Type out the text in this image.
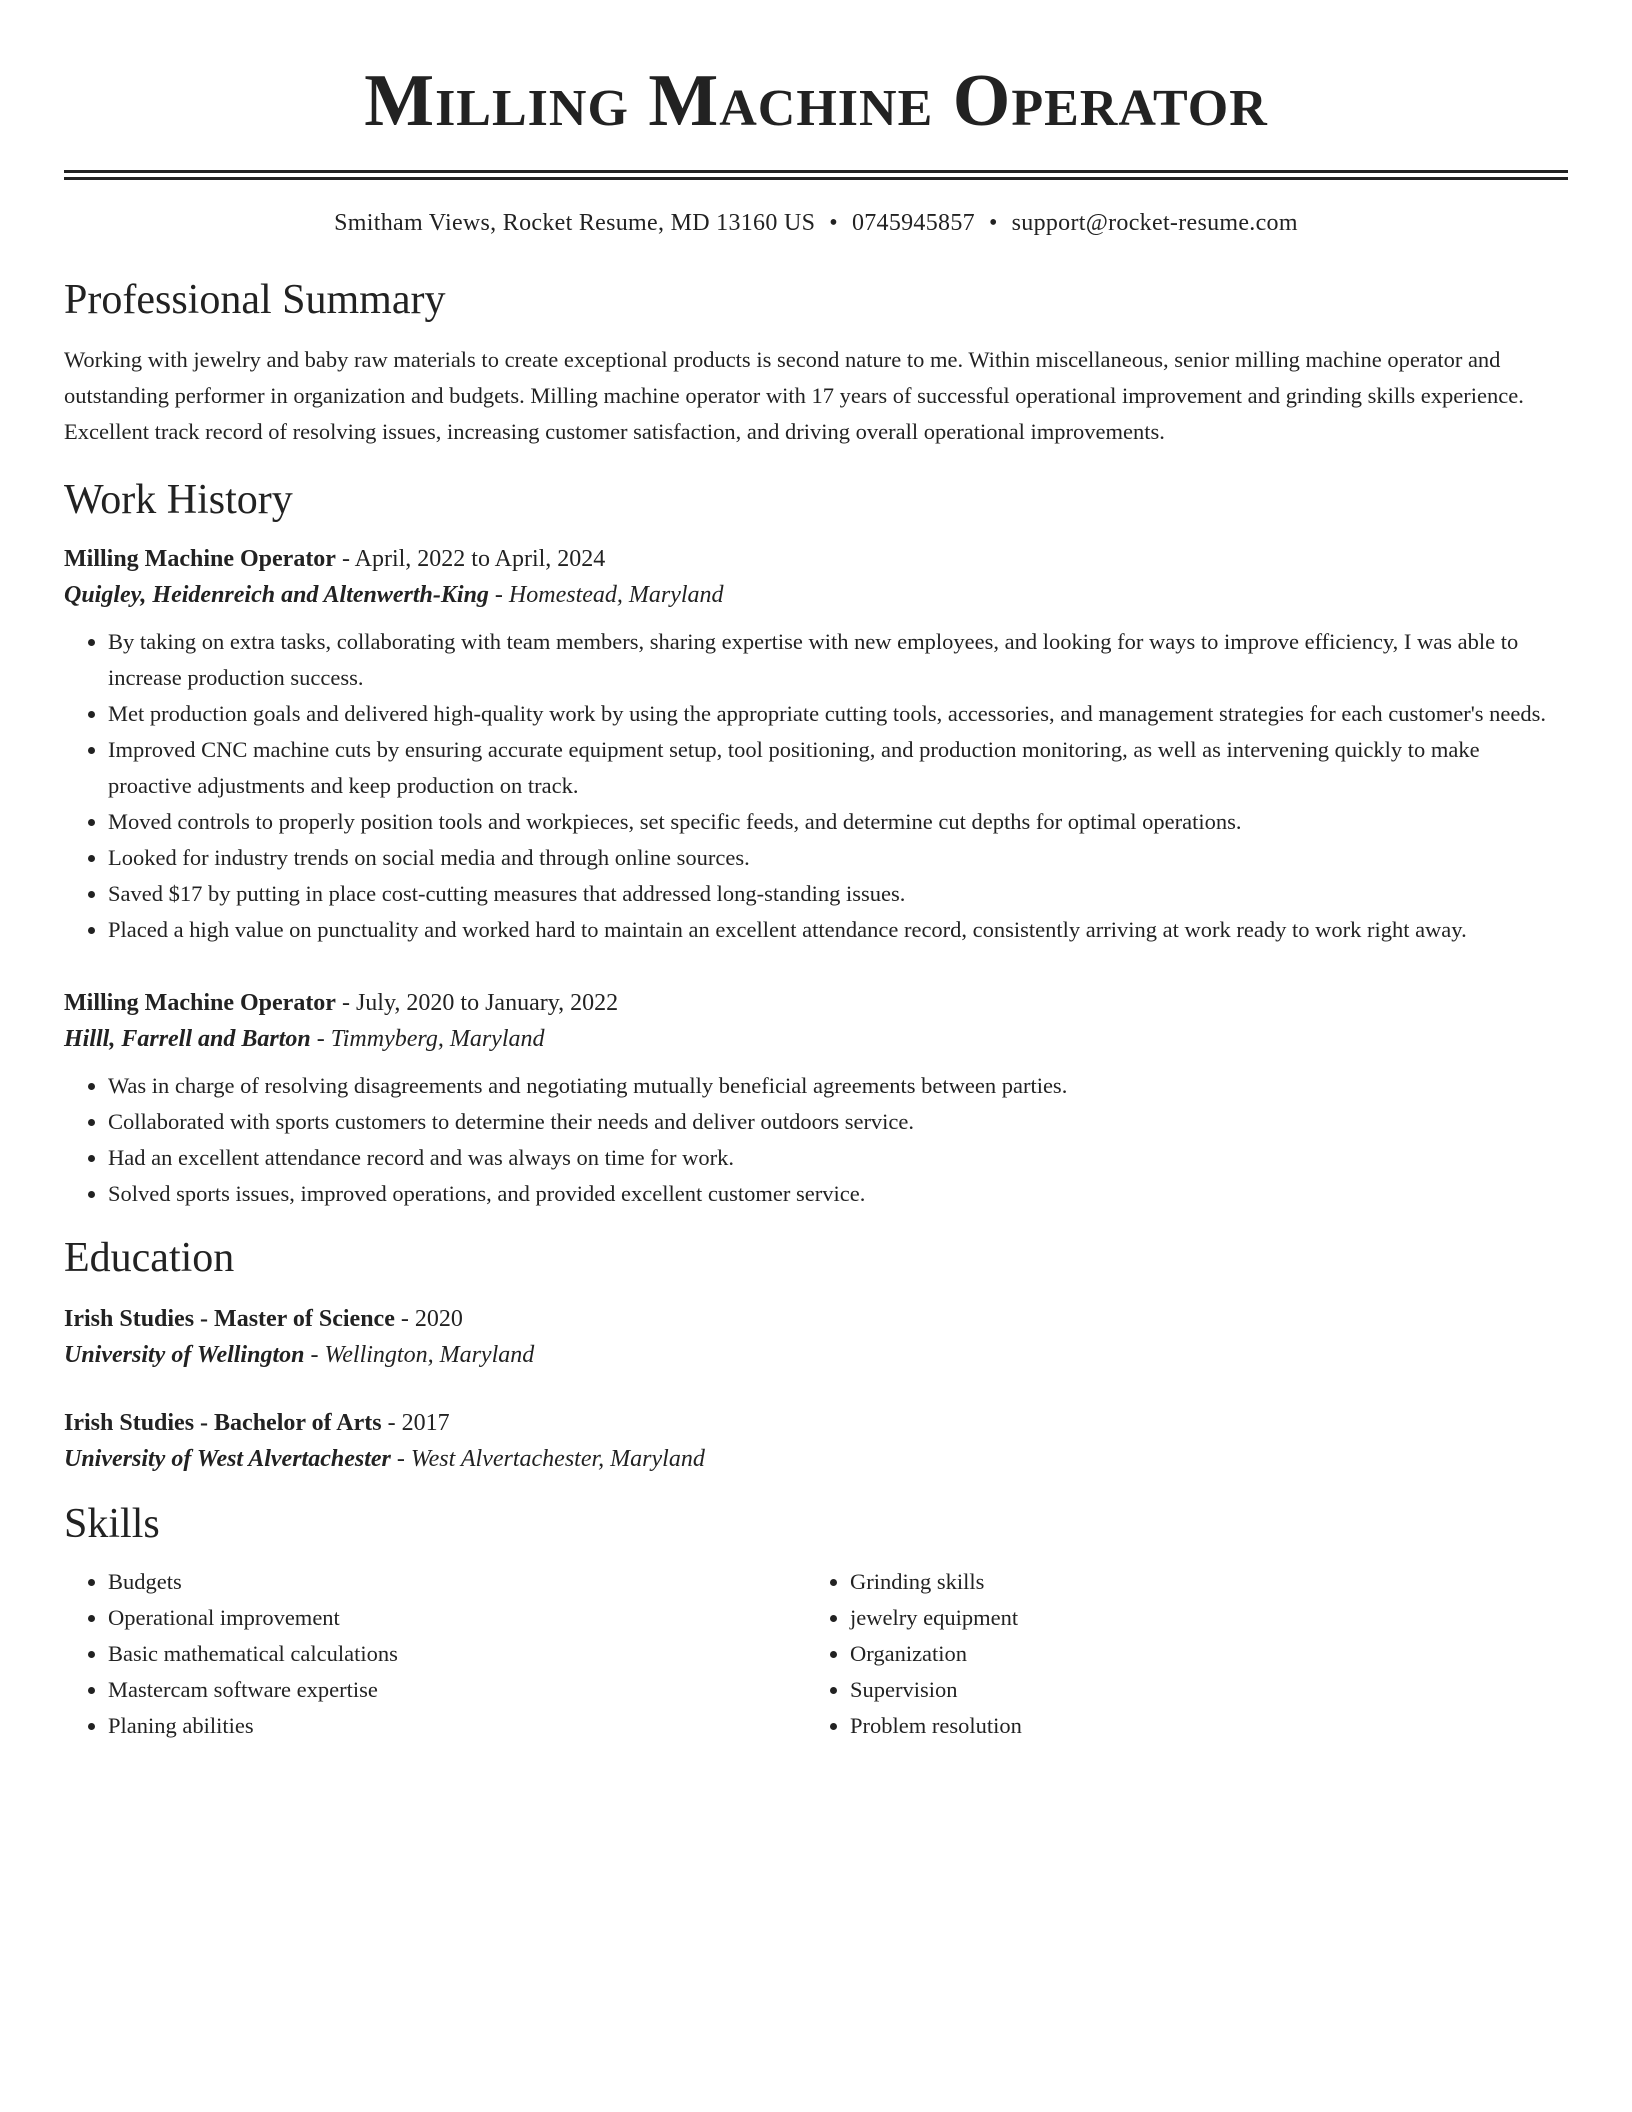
Milling Machine Operator
Smitham Views, Rocket Resume, MD 13160 US • 0745945857 • support@rocket-resume.com
Professional Summary

Working with jewelry and baby raw materials to create exceptional products is second nature to me. Within miscellaneous, senior milling machine operator and outstanding performer in organization and budgets. Milling machine operator with 17 years of successful operational improvement and grinding skills experience. Excellent track record of resolving issues, increasing customer satisfaction, and driving overall operational improvements.

Work History
Milling Machine Operator - April, 2022 to April, 2024
Quigley, Heidenreich and Altenwerth-King - Homestead, Maryland
• By taking on extra tasks, collaborating with team members, sharing expertise with new employees, and looking for ways to improve efficiency, I was able to increase production success.
• Met production goals and delivered high-quality work by using the appropriate cutting tools, accessories, and management strategies for each customer's needs.
• Improved CNC machine cuts by ensuring accurate equipment setup, tool positioning, and production monitoring, as well as intervening quickly to make proactive adjustments and keep production on track.
• Moved controls to properly position tools and workpieces, set specific feeds, and determine cut depths for optimal operations.
• Looked for industry trends on social media and through online sources.
• Saved $17 by putting in place cost-cutting measures that addressed long-standing issues.
• Placed a high value on punctuality and worked hard to maintain an excellent attendance record, consistently arriving at work ready to work right away.
Milling Machine Operator - July, 2020 to January, 2022
Hilll, Farrell and Barton - Timmyberg, Maryland
• Was in charge of resolving disagreements and negotiating mutually beneficial agreements between parties.
• Collaborated with sports customers to determine their needs and deliver outdoors service.
• Had an excellent attendance record and was always on time for work.
• Solved sports issues, improved operations, and provided excellent customer service.
Education
Irish Studies - Master of Science - 2020
University of Wellington - Wellington, Maryland
Irish Studies - Bachelor of Arts - 2017
University of West Alvertachester - West Alvertachester, Maryland
Skills
• Budgets
• Operational improvement
• Basic mathematical calculations
• Mastercam software expertise
• Planing abilities
• Grinding skills
• jewelry equipment
• Organization
• Supervision
• Problem resolution
